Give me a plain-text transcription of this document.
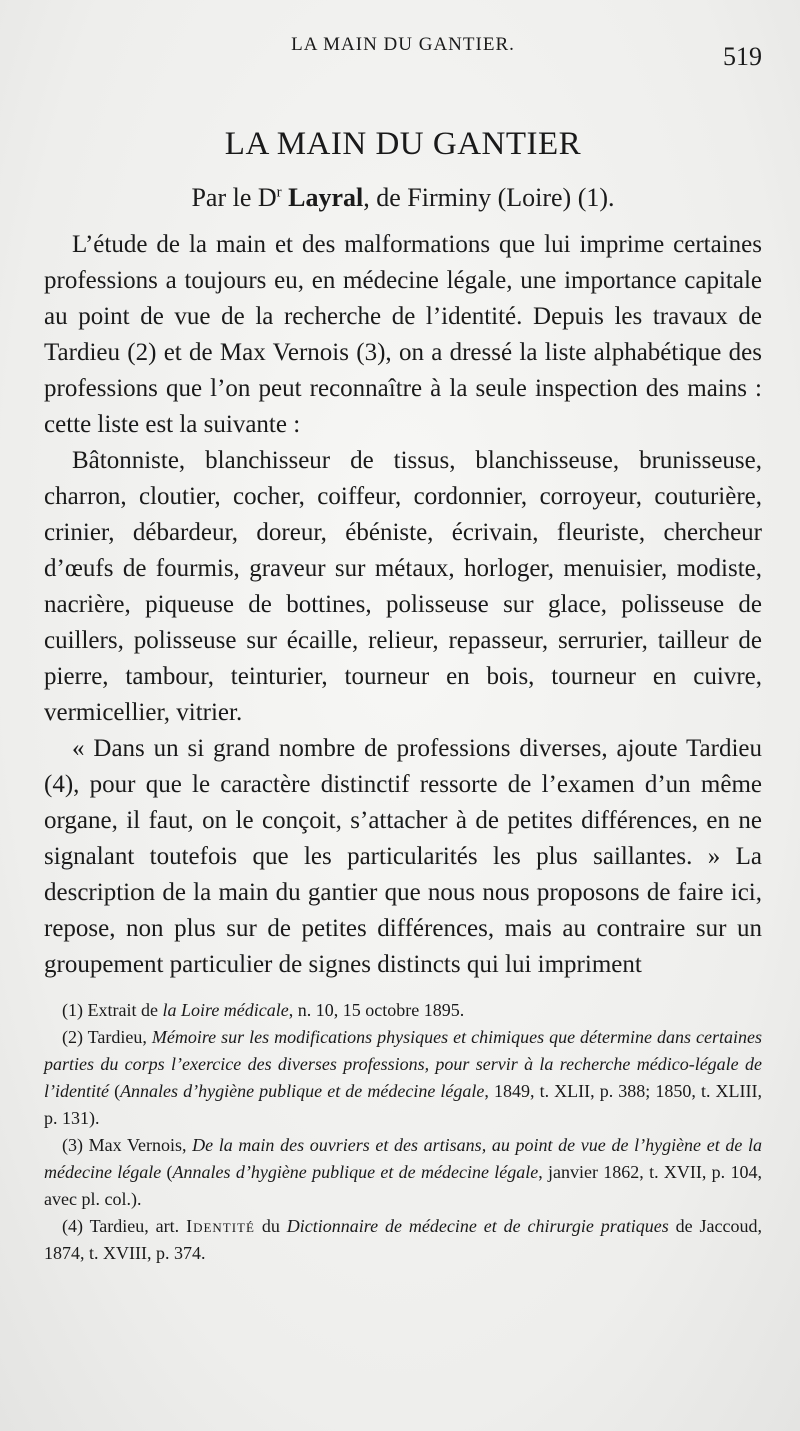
LA MAIN DU GANTIER.	519
LA MAIN DU GANTIER
Par le $D^r$ Layral, de Firminy (Loire) (1).

L’étude de la main et des malformations que lui imprime certaines professions a toujours eu, en médecine légale, une importance capitale au point de vue de la recherche de l’identité. Depuis les travaux de Tardieu (2) et de Max Vernois (3), on a dressé la liste alphabétique des professions que l’on peut reconnaître à la seule inspection des mains : cette liste est la suivante :

Bâtonniste, blanchisseur de tissus, blanchisseuse, brunisseuse, charron, cloutier, cocher, coiffeur, cordonnier, corroyeur, couturière, crinier, débardeur, doreur, ébéniste, écrivain, fleuriste, chercheur d’œufs de fourmis, graveur sur métaux, horloger, menuisier, modiste, nacrière, piqueuse de bottines, polisseuse sur glace, polisseuse de cuillers, polisseuse sur écaille, relieur, repasseur, serrurier, tailleur de pierre, tambour, teinturier, tourneur en bois, tourneur en cuivre, vermicellier, vitrier.

« Dans un si grand nombre de professions diverses, ajoute Tardieu (4), pour que le caractère distinctif ressorte de l’examen d’un même organe, il faut, on le conçoit, s’attacher à de petites différences, en ne signalant toutefois que les particularités les plus saillantes. » La description de la main du gantier que nous nous proposons de faire ici, repose, non plus sur de petites différences, mais au contraire sur un groupement particulier de signes distincts qui lui impriment

(1) Extrait de la Loire médicale, n. 10, 15 octobre 1895.

(2) Tardieu, Mémoire sur les modifications physiques et chimiques que détermine dans certaines parties du corps l’exercice des diverses professions, pour servir à la recherche médico-légale de l’identité (Annales d’hygiène publique et de médecine légale, 1849, t. XLII, p. 388; 1850, t. XLIII, p. 131).

(3) Max Vernois, De la main des ouvriers et des artisans, au point de vue de l’hygiène et de la médecine légale (Annales d’hygiène publique et de médecine légale, janvier 1862, t. XVII, p. 104, avec pl. col.).

(4) Tardieu, art. Identité du Dictionnaire de médecine et de chirurgie pratiques de Jaccoud, 1874, t. XVIII, p. 374.
